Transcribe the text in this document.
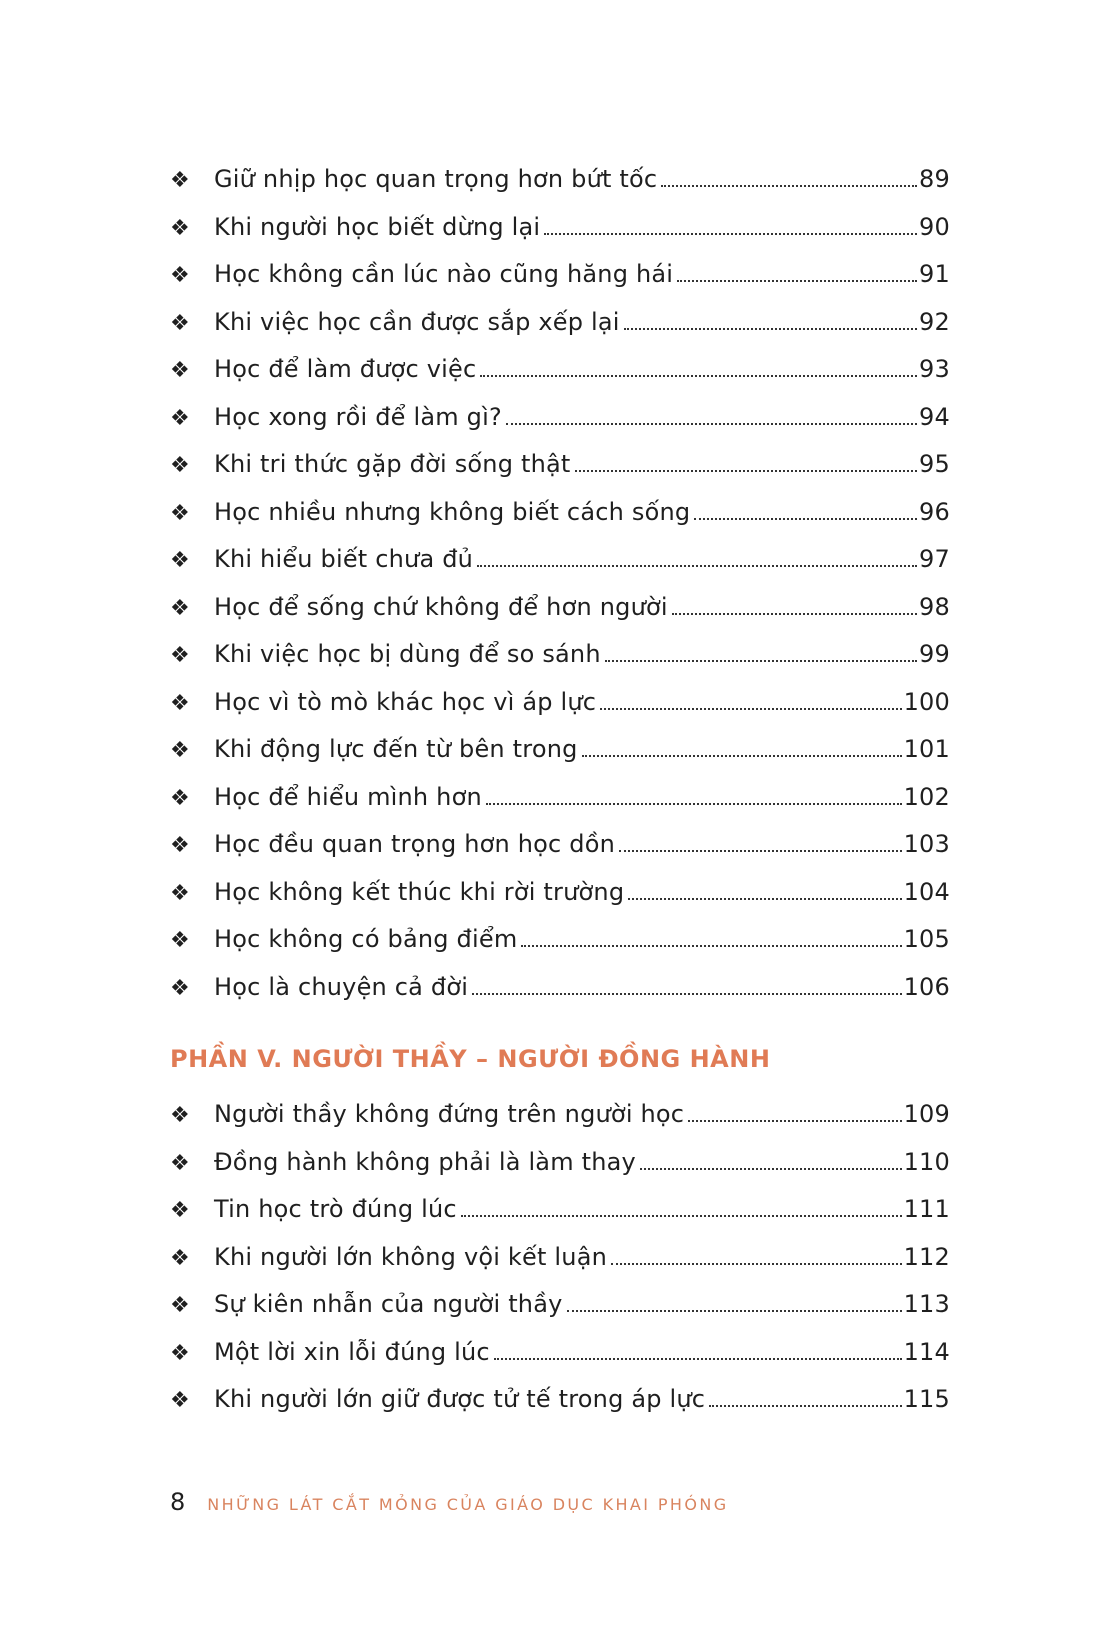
❖	Giữ nhịp học quan trọng hơn bứt tốc	89
❖	Khi người học biết dừng lại	90
❖	Học không cần lúc nào cũng hăng hái	91
❖	Khi việc học cần được sắp xếp lại	92
❖	Học để làm được việc	93
❖	Học xong rồi để làm gì?	94
❖	Khi tri thức gặp đời sống thật	95
❖	Học nhiều nhưng không biết cách sống	96
❖	Khi hiểu biết chưa đủ	97
❖	Học để sống chứ không để hơn người	98
❖	Khi việc học bị dùng để so sánh	99
❖	Học vì tò mò khác học vì áp lực	100
❖	Khi động lực đến từ bên trong	101
❖	Học để hiểu mình hơn	102
❖	Học đều quan trọng hơn học dồn	103
❖	Học không kết thúc khi rời trường	104
❖	Học không có bảng điểm	105
❖	Học là chuyện cả đời	106
PHẦN V. NGƯỜI THẦY – NGƯỜI ĐỒNG HÀNH
❖	Người thầy không đứng trên người học	109
❖	Đồng hành không phải là làm thay	110
❖	Tin học trò đúng lúc	111
❖	Khi người lớn không vội kết luận	112
❖	Sự kiên nhẫn của người thầy	113
❖	Một lời xin lỗi đúng lúc	114
❖	Khi người lớn giữ được tử tế trong áp lực	115
8 NHỮNG LÁT CẮT MỎNG CỦA GIÁO DỤC KHAI PHÓNG
